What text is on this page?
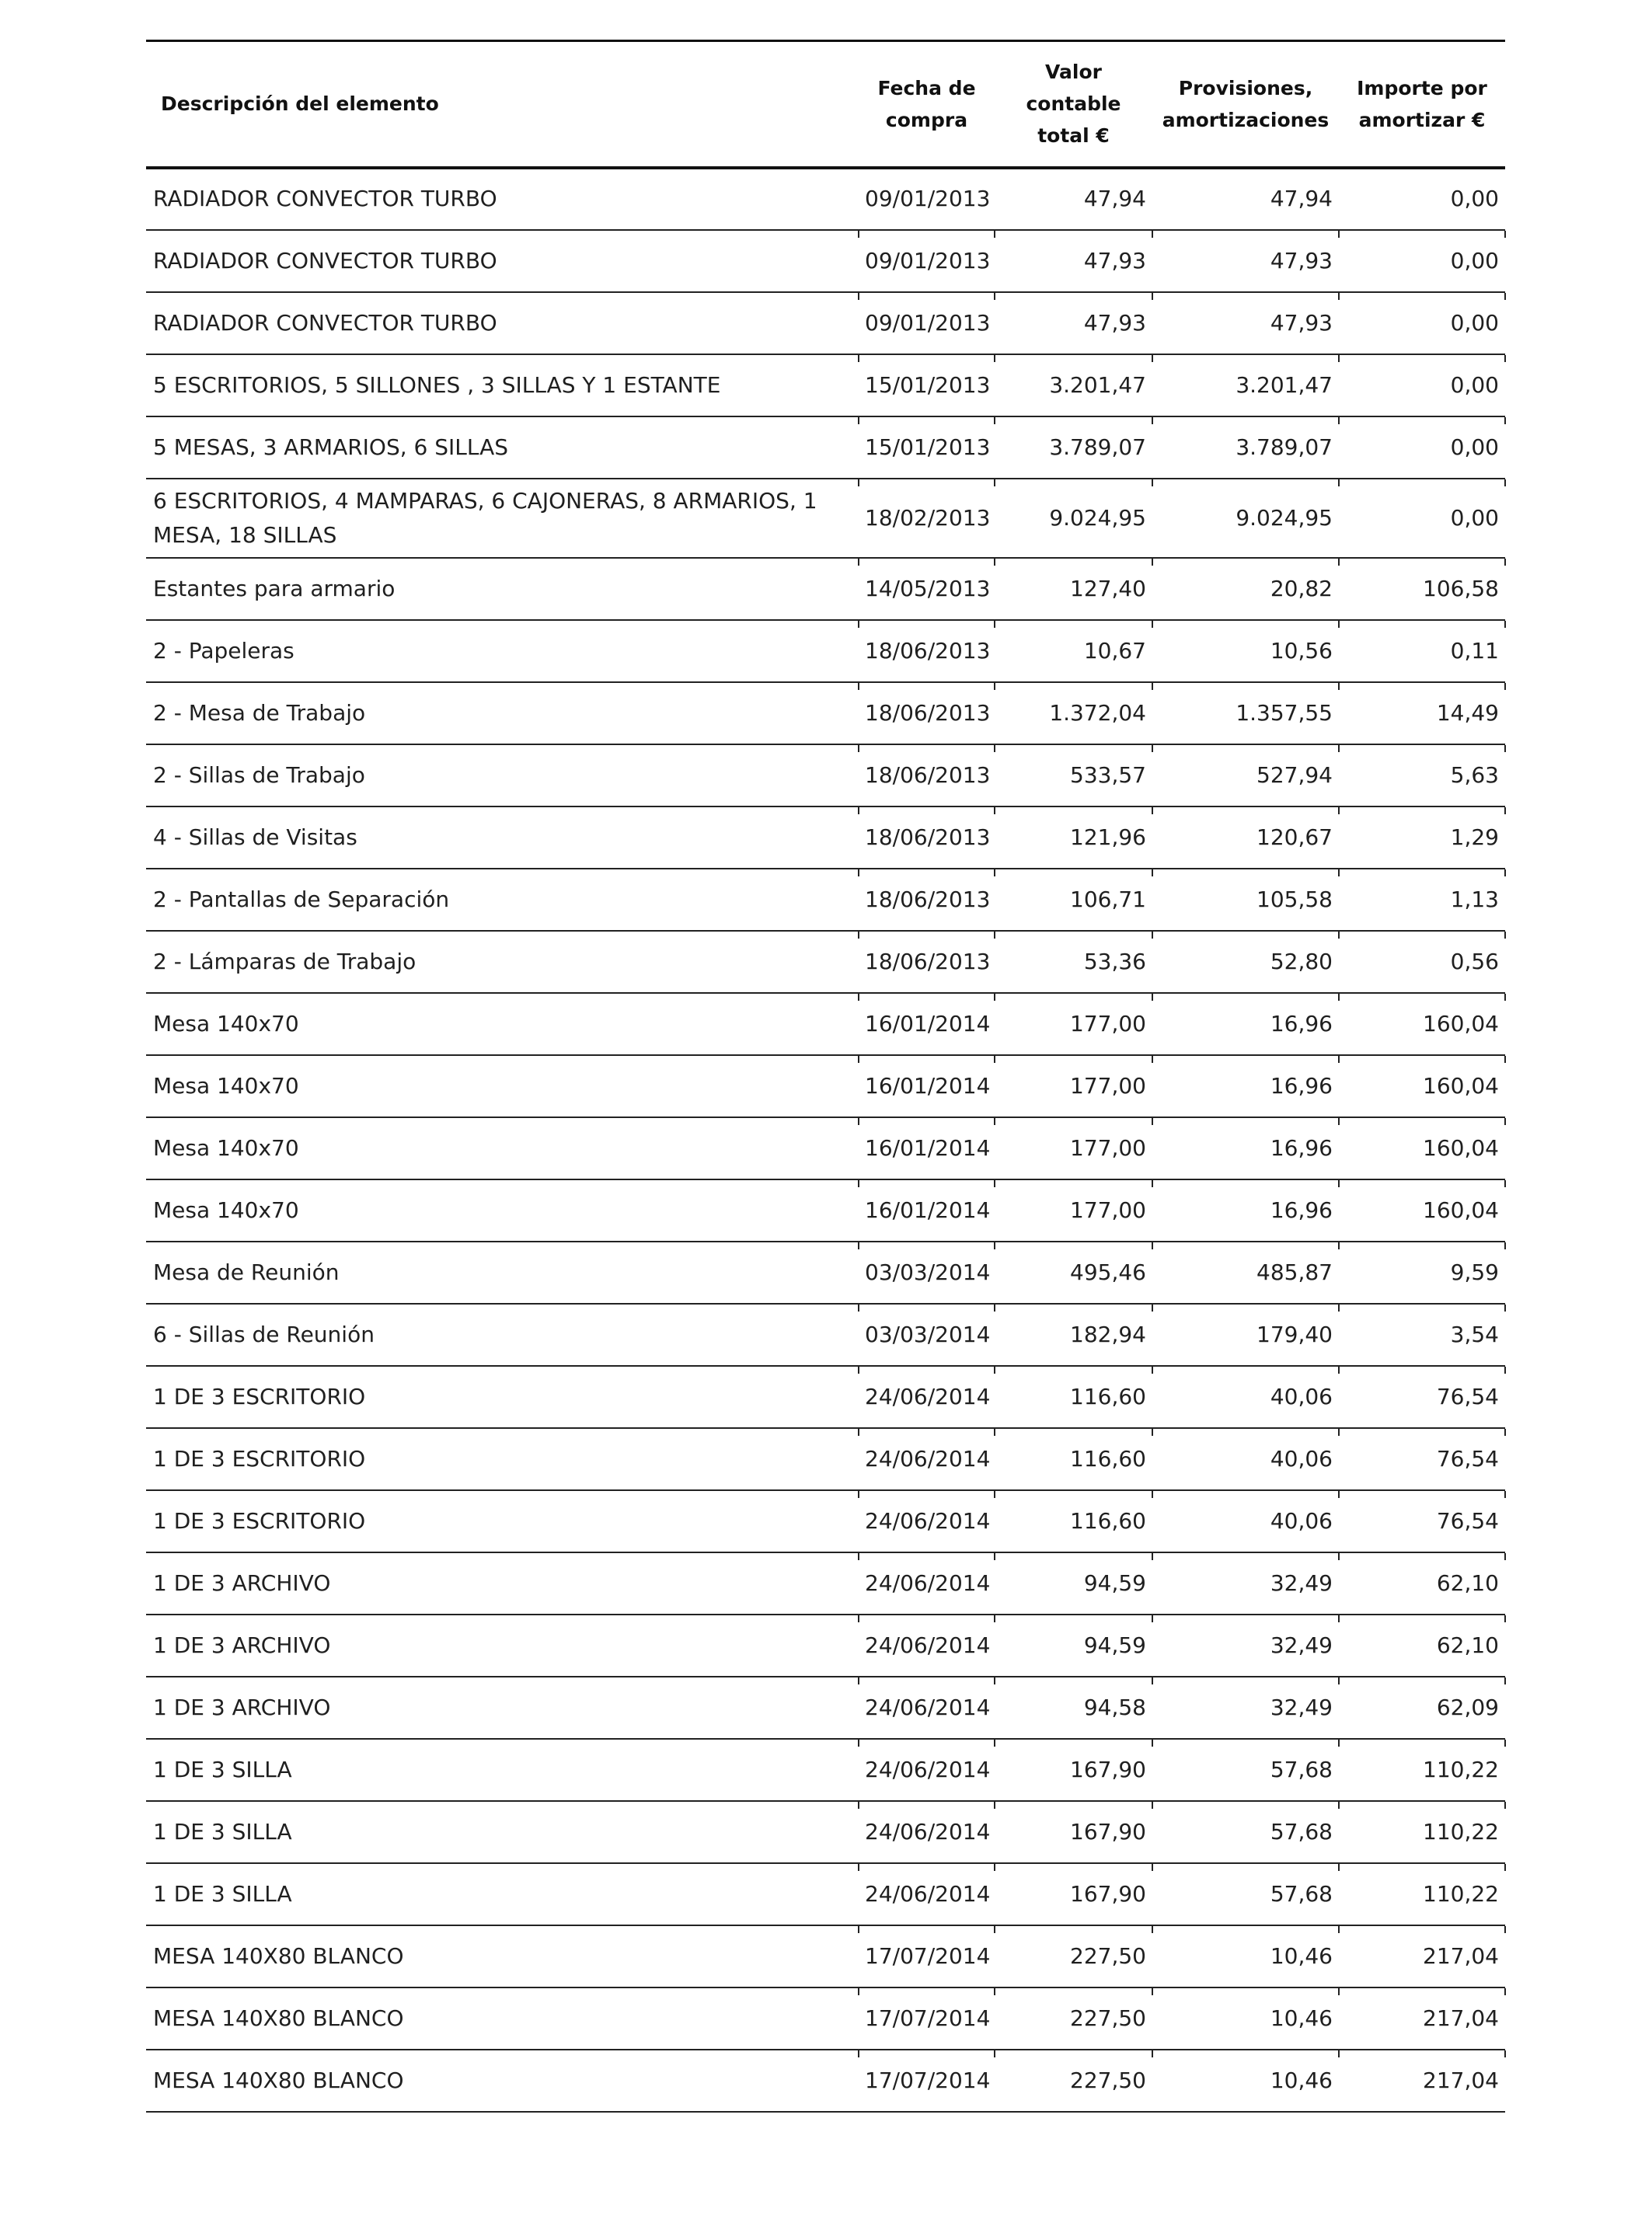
Descripción del elemento	Fecha de compra	Valor contable total €	Provisiones, amortizaciones	Importe por amortizar €
RADIADOR CONVECTOR TURBO	09/01/2013	47,94	47,94	0,00
RADIADOR CONVECTOR TURBO	09/01/2013	47,93	47,93	0,00
RADIADOR CONVECTOR TURBO	09/01/2013	47,93	47,93	0,00
5 ESCRITORIOS, 5 SILLONES , 3 SILLAS Y 1 ESTANTE	15/01/2013	3.201,47	3.201,47	0,00
5 MESAS, 3 ARMARIOS, 6 SILLAS	15/01/2013	3.789,07	3.789,07	0,00
6 ESCRITORIOS, 4 MAMPARAS, 6 CAJONERAS, 8 ARMARIOS, 1 MESA, 18 SILLAS	18/02/2013	9.024,95	9.024,95	0,00
Estantes para armario	14/05/2013	127,40	20,82	106,58
2 - Papeleras	18/06/2013	10,67	10,56	0,11
2 - Mesa de Trabajo	18/06/2013	1.372,04	1.357,55	14,49
2 - Sillas de Trabajo	18/06/2013	533,57	527,94	5,63
4 - Sillas de Visitas	18/06/2013	121,96	120,67	1,29
2 - Pantallas de Separación	18/06/2013	106,71	105,58	1,13
2 - Lámparas de Trabajo	18/06/2013	53,36	52,80	0,56
Mesa 140x70	16/01/2014	177,00	16,96	160,04
Mesa 140x70	16/01/2014	177,00	16,96	160,04
Mesa 140x70	16/01/2014	177,00	16,96	160,04
Mesa 140x70	16/01/2014	177,00	16,96	160,04
Mesa de Reunión	03/03/2014	495,46	485,87	9,59
6 - Sillas de Reunión	03/03/2014	182,94	179,40	3,54
1 DE 3 ESCRITORIO	24/06/2014	116,60	40,06	76,54
1 DE 3 ESCRITORIO	24/06/2014	116,60	40,06	76,54
1 DE 3 ESCRITORIO	24/06/2014	116,60	40,06	76,54
1 DE 3 ARCHIVO	24/06/2014	94,59	32,49	62,10
1 DE 3 ARCHIVO	24/06/2014	94,59	32,49	62,10
1 DE 3 ARCHIVO	24/06/2014	94,58	32,49	62,09
1 DE 3 SILLA	24/06/2014	167,90	57,68	110,22
1 DE 3 SILLA	24/06/2014	167,90	57,68	110,22
1 DE 3 SILLA	24/06/2014	167,90	57,68	110,22
MESA 140X80 BLANCO	17/07/2014	227,50	10,46	217,04
MESA 140X80 BLANCO	17/07/2014	227,50	10,46	217,04
MESA 140X80 BLANCO	17/07/2014	227,50	10,46	217,04
